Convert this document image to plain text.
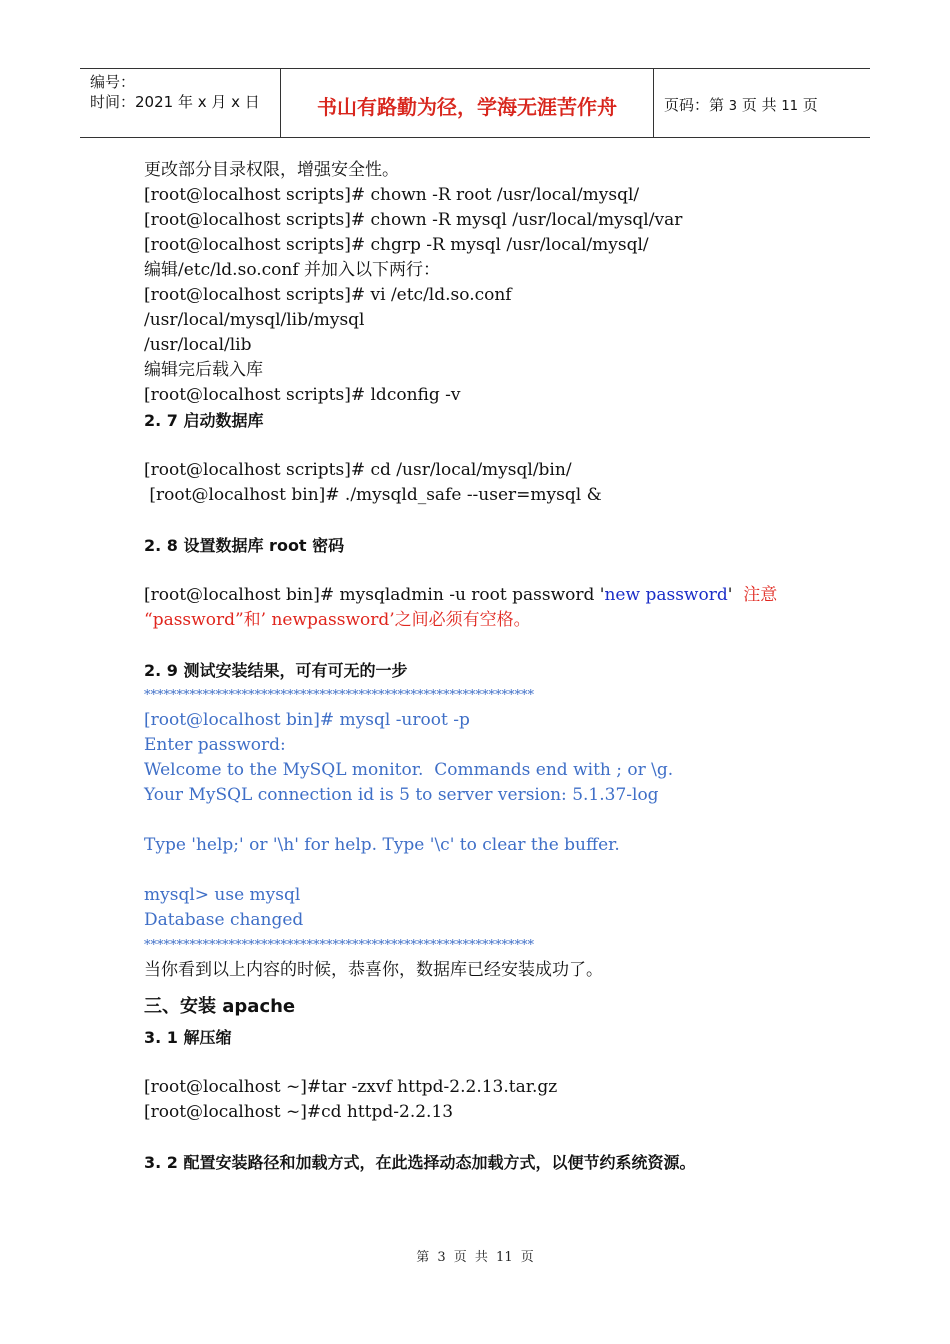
编号：
时间：2021 年 x 月 x 日	书山有路勤为径，学海无涯苦作舟	页码：第 3 页 共 11 页
更改部分目录权限，增强安全性。
[root@localhost scripts]# chown -R root /usr/local/mysql/
[root@localhost scripts]# chown -R mysql /usr/local/mysql/var
[root@localhost scripts]# chgrp -R mysql /usr/local/mysql/
编辑/etc/ld.so.conf 并加入以下两行：
[root@localhost scripts]# vi /etc/ld.so.conf
/usr/local/mysql/lib/mysql
/usr/local/lib
编辑完后载入库
[root@localhost scripts]# ldconfig -v
2. 7 启动数据库
[root@localhost scripts]# cd /usr/local/mysql/bin/
[root@localhost bin]# ./mysqld_safe --user=mysql &
2. 8 设置数据库 root 密码
[root@localhost bin]# mysqladmin -u root password 'new password'  注意
“password”和’ newpassword’之间必须有空格。
2. 9 测试安装结果，可有可无的一步
************************************************************
[root@localhost bin]# mysql -uroot -p
Enter password:
Welcome to the MySQL monitor.  Commands end with ; or \g.
Your MySQL connection id is 5 to server version: 5.1.37-log
Type 'help;' or '\h' for help. Type '\c' to clear the buffer.
mysql> use mysql
Database changed
************************************************************
当你看到以上内容的时候，恭喜你，数据库已经安装成功了。
三、安装 apache
3. 1 解压缩
[root@localhost ~]#tar -zxvf httpd-2.2.13.tar.gz
[root@localhost ~]#cd httpd-2.2.13
3. 2 配置安装路径和加载方式，在此选择动态加载方式，以便节约系统资源。
第 3 页 共 11 页
